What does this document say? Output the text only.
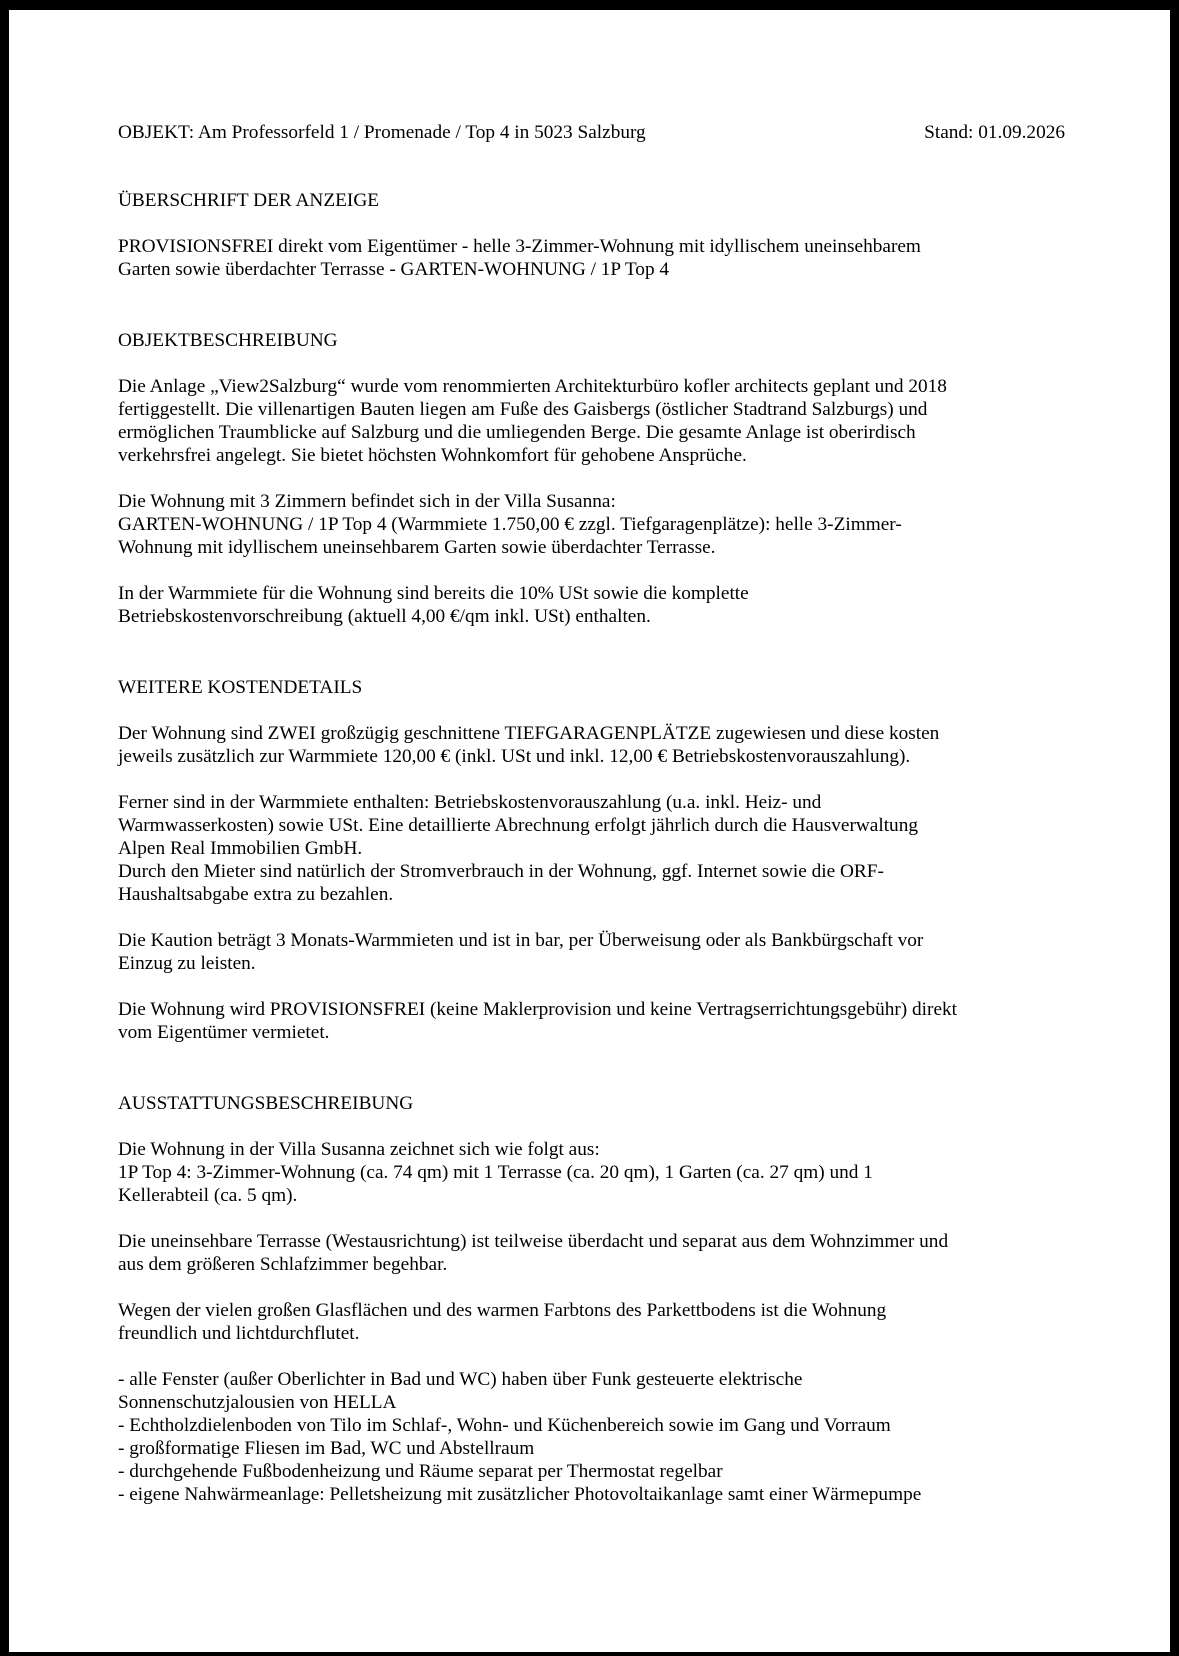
OBJEKT: Am Professorfeld 1 / Promenade / Top 4 in 5023 Salzburg	Stand: 01.09.2026
ÜBERSCHRIFT DER ANZEIGE
PROVISIONSFREI direkt vom Eigentümer - helle 3-Zimmer-Wohnung mit idyllischem uneinsehbarem
Garten sowie überdachter Terrasse - GARTEN-WOHNUNG / 1P Top 4
OBJEKTBESCHREIBUNG
Die Anlage „View2Salzburg“ wurde vom renommierten Architekturbüro kofler architects geplant und 2018
fertiggestellt. Die villenartigen Bauten liegen am Fuße des Gaisbergs (östlicher Stadtrand Salzburgs) und
ermöglichen Traumblicke auf Salzburg und die umliegenden Berge. Die gesamte Anlage ist oberirdisch
verkehrsfrei angelegt. Sie bietet höchsten Wohnkomfort für gehobene Ansprüche.
Die Wohnung mit 3 Zimmern befindet sich in der Villa Susanna:
GARTEN-WOHNUNG / 1P Top 4 (Warmmiete 1.750,00 € zzgl. Tiefgaragenplätze): helle 3-Zimmer-
Wohnung mit idyllischem uneinsehbarem Garten sowie überdachter Terrasse.
In der Warmmiete für die Wohnung sind bereits die 10% USt sowie die komplette
Betriebskostenvorschreibung (aktuell 4,00 €/qm inkl. USt) enthalten.
WEITERE KOSTENDETAILS
Der Wohnung sind ZWEI großzügig geschnittene TIEFGARAGENPLÄTZE zugewiesen und diese kosten
jeweils zusätzlich zur Warmmiete 120,00 € (inkl. USt und inkl. 12,00 € Betriebskostenvorauszahlung).
Ferner sind in der Warmmiete enthalten: Betriebskostenvorauszahlung (u.a. inkl. Heiz- und
Warmwasserkosten) sowie USt. Eine detaillierte Abrechnung erfolgt jährlich durch die Hausverwaltung
Alpen Real Immobilien GmbH.
Durch den Mieter sind natürlich der Stromverbrauch in der Wohnung, ggf. Internet sowie die ORF-
Haushaltsabgabe extra zu bezahlen.
Die Kaution beträgt 3 Monats-Warmmieten und ist in bar, per Überweisung oder als Bankbürgschaft vor
Einzug zu leisten.
Die Wohnung wird PROVISIONSFREI (keine Maklerprovision und keine Vertragserrichtungsgebühr) direkt
vom Eigentümer vermietet.
AUSSTATTUNGSBESCHREIBUNG
Die Wohnung in der Villa Susanna zeichnet sich wie folgt aus:
1P Top 4: 3-Zimmer-Wohnung (ca. 74 qm) mit 1 Terrasse (ca. 20 qm), 1 Garten (ca. 27 qm) und 1
Kellerabteil (ca. 5 qm).
Die uneinsehbare Terrasse (Westausrichtung) ist teilweise überdacht und separat aus dem Wohnzimmer und
aus dem größeren Schlafzimmer begehbar.
Wegen der vielen großen Glasflächen und des warmen Farbtons des Parkettbodens ist die Wohnung
freundlich und lichtdurchflutet.
- alle Fenster (außer Oberlichter in Bad und WC) haben über Funk gesteuerte elektrische
Sonnenschutzjalousien von HELLA
- Echtholzdielenboden von Tilo im Schlaf-, Wohn- und Küchenbereich sowie im Gang und Vorraum
- großformatige Fliesen im Bad, WC und Abstellraum
- durchgehende Fußbodenheizung und Räume separat per Thermostat regelbar
- eigene Nahwärmeanlage: Pelletsheizung mit zusätzlicher Photovoltaikanlage samt einer Wärmepumpe
